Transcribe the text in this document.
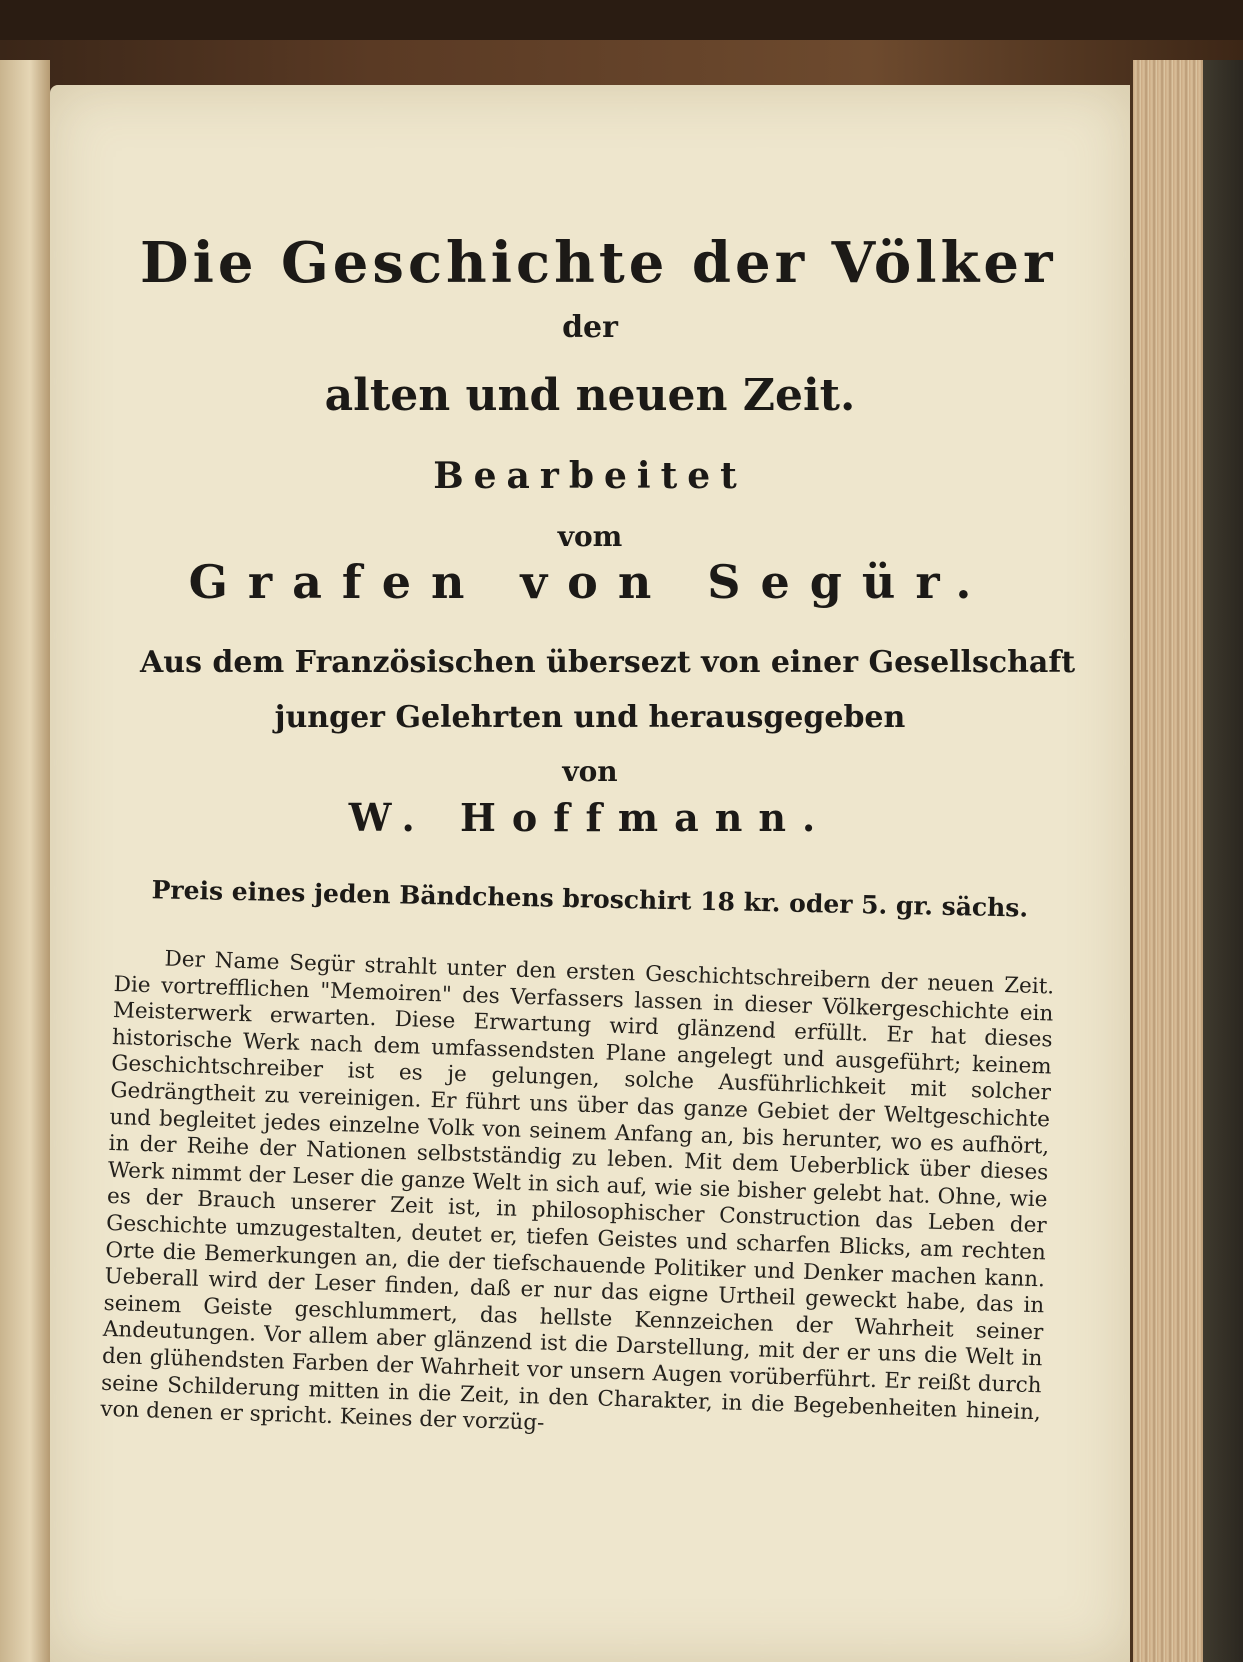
Die Geschichte der Völker
der
alten und neuen Zeit.
Bearbeitet
vom
Grafen von Segür.
Aus dem Französischen übersezt von einer Gesellschaft
junger Gelehrten und herausgegeben
von
W. Hoffmann.
Preis eines jeden Bändchens broschirt 18 kr. oder 5. gr. sächs.

Der Name Segür strahlt unter den ersten Geschichtschreibern der neuen Zeit. Die vortrefflichen "Memoiren" des Verfassers lassen in dieser Völkergeschichte ein Meisterwerk erwarten. Diese Erwartung wird glänzend erfüllt. Er hat dieses historische Werk nach dem umfassendsten Plane angelegt und ausgeführt; keinem Geschichtschreiber ist es je gelungen, solche Ausführlichkeit mit solcher Gedrängtheit zu vereinigen. Er führt uns über das ganze Gebiet der Weltgeschichte und begleitet jedes einzelne Volk von seinem Anfang an, bis herunter, wo es aufhört, in der Reihe der Nationen selbstständig zu leben. Mit dem Ueberblick über dieses Werk nimmt der Leser die ganze Welt in sich auf, wie sie bisher gelebt hat. Ohne, wie es der Brauch unserer Zeit ist, in philosophischer Construction das Leben der Geschichte umzugestalten, deutet er, tiefen Geistes und scharfen Blicks, am rechten Orte die Bemerkungen an, die der tiefschauende Politiker und Denker machen kann. Ueberall wird der Leser finden, daß er nur das eigne Urtheil geweckt habe, das in seinem Geiste geschlummert, das hellste Kennzeichen der Wahrheit seiner Andeutungen. Vor allem aber glänzend ist die Darstellung, mit der er uns die Welt in den glühendsten Farben der Wahrheit vor unsern Augen vorüberführt. Er reißt durch seine Schilderung mitten in die Zeit, in den Charakter, in die Begebenheiten hinein, von denen er spricht. Keines der vorzüg-
